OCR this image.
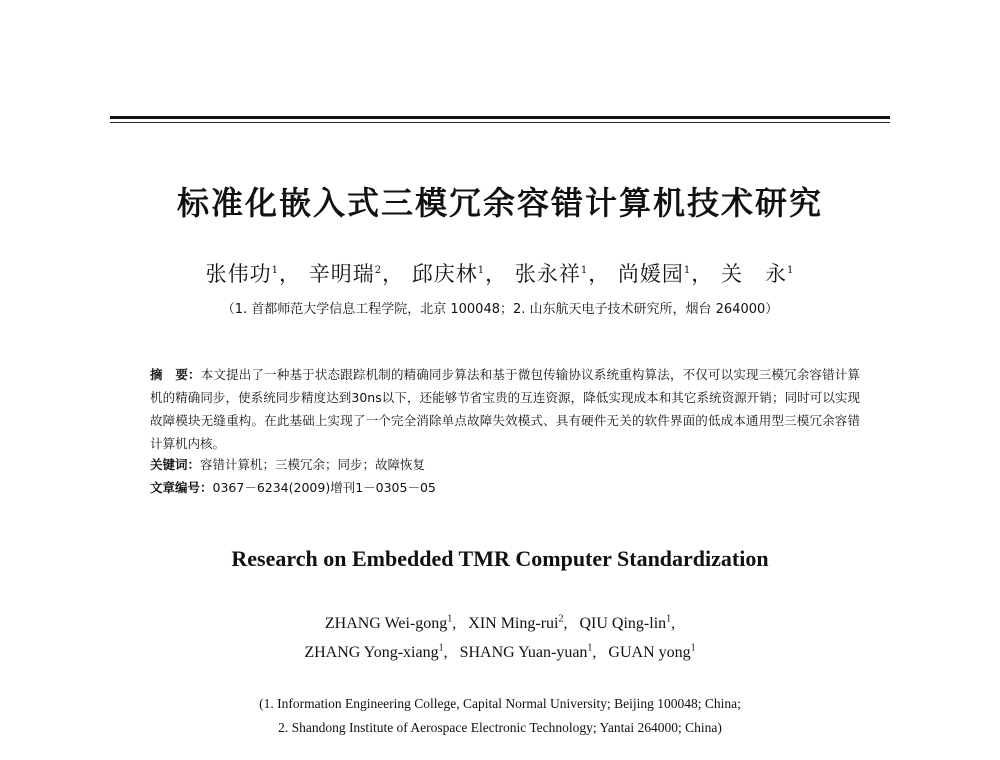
标准化嵌入式三模冗余容错计算机技术研究
张伟功$^1$， 辛明瑞$^2$， 邱庆林$^1$， 张永祥$^1$， 尚媛园$^1$， 关　永$^1$
（1. 首都师范大学信息工程学院，北京 100048；2. 山东航天电子技术研究所，烟台 264000）
摘　要：本文提出了一种基于状态跟踪机制的精确同步算法和基于微包传输协议系统重构算法，不仅可以实现三模冗余容错计算机的精确同步，使系统同步精度达到30ns以下，还能够节省宝贵的互连资源，降低实现成本和其它系统资源开销；同时可以实现故障模块无缝重构。在此基础上实现了一个完全消除单点故障失效模式、具有硬件无关的软件界面的低成本通用型三模冗余容错计算机内核。
关键词：容错计算机；三模冗余；同步；故障恢复
文章编号：0367－6234(2009)增刊1－0305－05
Research on Embedded TMR Computer Standardization
ZHANG Wei-gong$^1$, XIN Ming-rui$^2$, QIU Qing-lin$^1$,
ZHANG Yong-xiang$^1$, SHANG Yuan-yuan$^1$, GUAN yong$^1$
(1. Information Engineering College, Capital Normal University; Beijing 100048; China;
2. Shandong Institute of Aerospace Electronic Technology; Yantai 264000; China)
